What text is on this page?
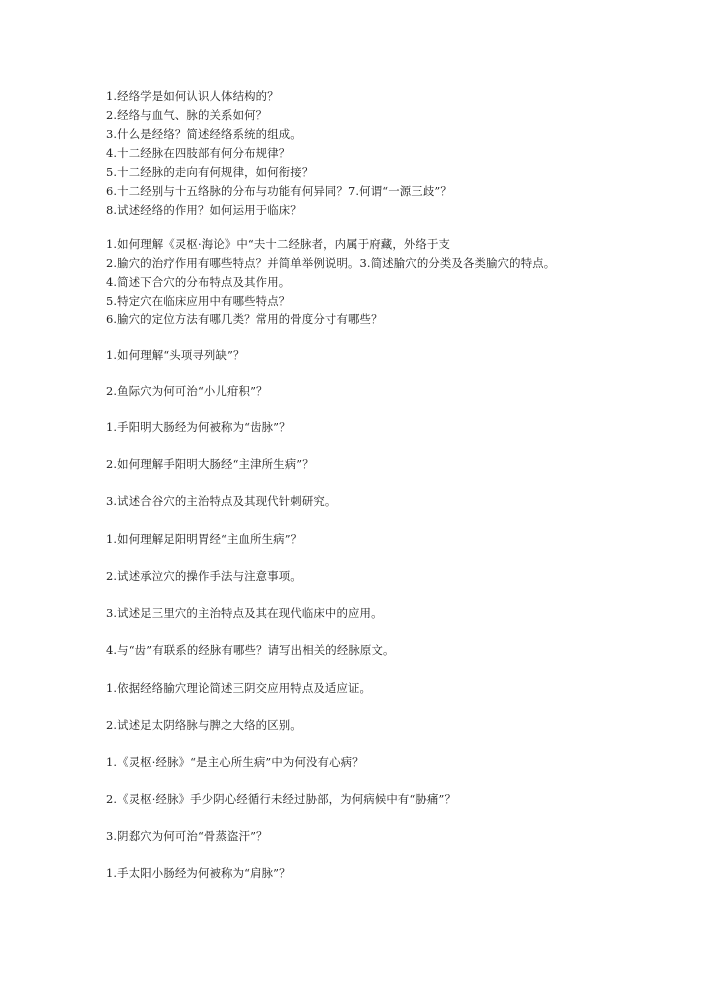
1.经络学是如何认识人体结构的？
2.经络与血气、脉的关系如何？
3.什么是经络？简述经络系统的组成。
4.十二经脉在四肢部有何分布规律？
5.十二经脉的走向有何规律，如何衔接？
6.十二经别与十五络脉的分布与功能有何异同？7.何谓“一源三歧”？
8.试述经络的作用？如何运用于临床？
1.如何理解《灵枢·海论》中“夫十二经脉者，内属于府藏，外络于支
2.腧穴的治疗作用有哪些特点？并简单举例说明。3.简述腧穴的分类及各类腧穴的特点。
4.简述下合穴的分布特点及其作用。
5.特定穴在临床应用中有哪些特点？
6.腧穴的定位方法有哪几类？常用的骨度分寸有哪些？
1.如何理解“头项寻列缺”？
2.鱼际穴为何可治“小儿疳积”？
1.手阳明大肠经为何被称为“齿脉”？
2.如何理解手阳明大肠经“主津所生病”？
3.试述合谷穴的主治特点及其现代针刺研究。
1.如何理解足阳明胃经“主血所生病”？
2.试述承泣穴的操作手法与注意事项。
3.试述足三里穴的主治特点及其在现代临床中的应用。
4.与“齿”有联系的经脉有哪些？请写出相关的经脉原文。
1.依据经络腧穴理论简述三阴交应用特点及适应证。
2.试述足太阴络脉与脾之大络的区别。
1.《灵枢·经脉》“是主心所生病”中为何没有心病？
2.《灵枢·经脉》手少阴心经循行未经过胁部，为何病候中有“胁痛”？
3.阴郄穴为何可治“骨蒸盗汗”？
1.手太阳小肠经为何被称为“肩脉”？
